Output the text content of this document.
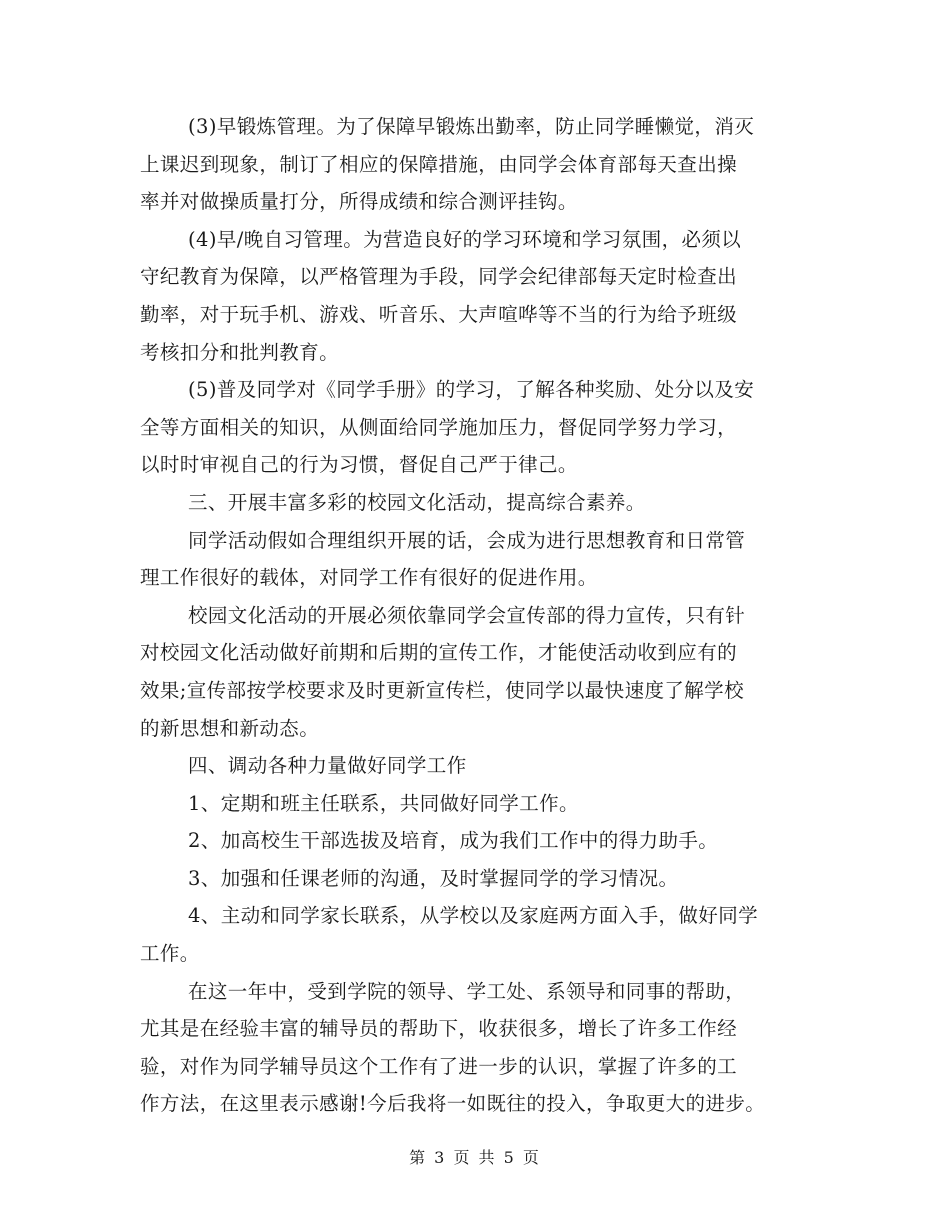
(3)早锻炼管理。为了保障早锻炼出勤率，防止同学睡懒觉，消灭
上课迟到现象，制订了相应的保障措施，由同学会体育部每天查出操
率并对做操质量打分，所得成绩和综合测评挂钩。
(4)早/晚自习管理。为营造良好的学习环境和学习氛围，必须以
守纪教育为保障，以严格管理为手段，同学会纪律部每天定时检查出
勤率，对于玩手机、游戏、听音乐、大声喧哗等不当的行为给予班级
考核扣分和批判教育。
(5)普及同学对《同学手册》的学习，了解各种奖励、处分以及安
全等方面相关的知识，从侧面给同学施加压力，督促同学努力学习，
以时时审视自己的行为习惯，督促自己严于律己。
三、开展丰富多彩的校园文化活动，提高综合素养。
同学活动假如合理组织开展的话，会成为进行思想教育和日常管
理工作很好的载体，对同学工作有很好的促进作用。
校园文化活动的开展必须依靠同学会宣传部的得力宣传，只有针
对校园文化活动做好前期和后期的宣传工作，才能使活动收到应有的
效果;宣传部按学校要求及时更新宣传栏，使同学以最快速度了解学校
的新思想和新动态。
四、调动各种力量做好同学工作
1、定期和班主任联系，共同做好同学工作。
2、加高校生干部选拔及培育，成为我们工作中的得力助手。
3、加强和任课老师的沟通，及时掌握同学的学习情况。
4、主动和同学家长联系，从学校以及家庭两方面入手，做好同学
工作。
在这一年中，受到学院的领导、学工处、系领导和同事的帮助，
尤其是在经验丰富的辅导员的帮助下，收获很多，增长了许多工作经
验，对作为同学辅导员这个工作有了进一步的认识，掌握了许多的工
作方法，在这里表示感谢!今后我将一如既往的投入，争取更大的进步。
第 3 页 共 5 页
